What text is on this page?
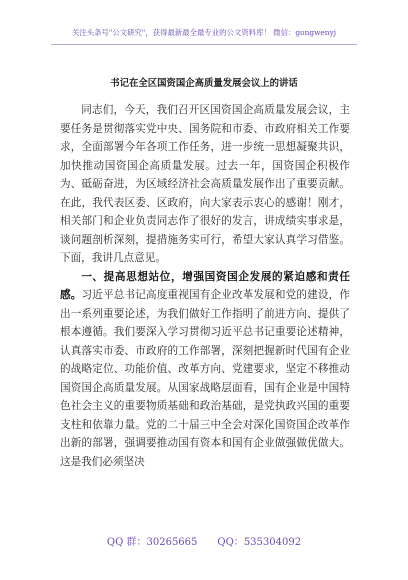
关注头条号"公文研究"，获得最新最全最专业的公文资料库！ 微信：gongwenyj
书记在全区国资国企高质量发展会议上的讲话

同志们，今天，我们召开区国资国企高质量发展会议，主要任务是贯彻落实党中央、国务院和市委、市政府相关工作要求，全面部署今年各项工作任务，进一步统一思想凝聚共识，加快推动国资国企高质量发展。过去一年，国资国企积极作为、砥砺奋进，为区域经济社会高质量发展作出了重要贡献。在此，我代表区委、区政府，向大家表示衷心的感谢！刚才，相关部门和企业负责同志作了很好的发言，讲成绩实事求是，谈问题剖析深刻，提措施务实可行，希望大家认真学习借鉴。下面，我讲几点意见。

一、提高思想站位，增强国资国企发展的紧迫感和责任感。习近平总书记高度重视国有企业改革发展和党的建设，作出一系列重要论述，为我们做好工作指明了前进方向、提供了根本遵循。我们要深入学习贯彻习近平总书记重要论述精神，认真落实市委、市政府的工作部署，深刻把握新时代国有企业的战略定位、功能价值、改革方向、党建要求，坚定不移推动国资国企高质量发展。从国家战略层面看，国有企业是中国特色社会主义的重要物质基础和政治基础，是党执政兴国的重要支柱和依靠力量。党的二十届三中全会对深化国资国企改革作出新的部署，强调要推动国有资本和国有企业做强做优做大。这是我们必须坚决

QQ 群：30265665 QQ：535304092
